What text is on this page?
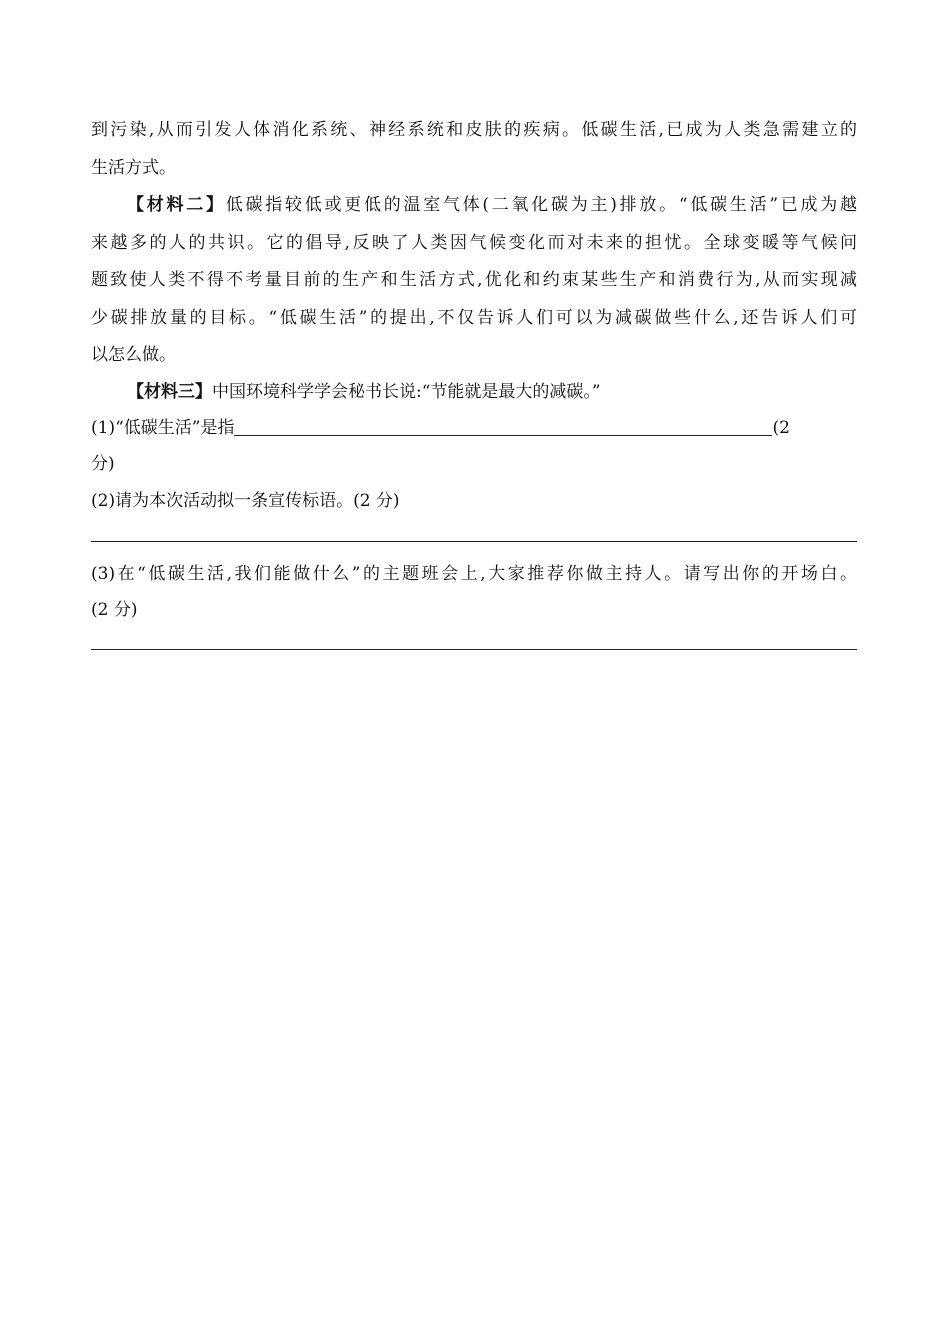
到污染,从而引发人体消化系统、神经系统和皮肤的疾病。低碳生活,已成为人类急需建立的
生活方式。
【材料二】低碳指较低或更低的温室气体(二氧化碳为主)排放。“低碳生活”已成为越
来越多的人的共识。它的倡导,反映了人类因气候变化而对未来的担忧。全球变暖等气候问
题致使人类不得不考量目前的生产和生活方式,优化和约束某些生产和消费行为,从而实现减
少碳排放量的目标。“低碳生活”的提出,不仅告诉人们可以为减碳做些什么,还告诉人们可
以怎么做。
【材料三】中国环境科学学会秘书长说:“节能就是最大的减碳。”
(1)“低碳生活”是指	(2
分)
(2)请为本次活动拟一条宣传标语。(2 分)
(3)在“低碳生活,我们能做什么”的主题班会上,大家推荐你做主持人。请写出你的开场白。
(2 分)
